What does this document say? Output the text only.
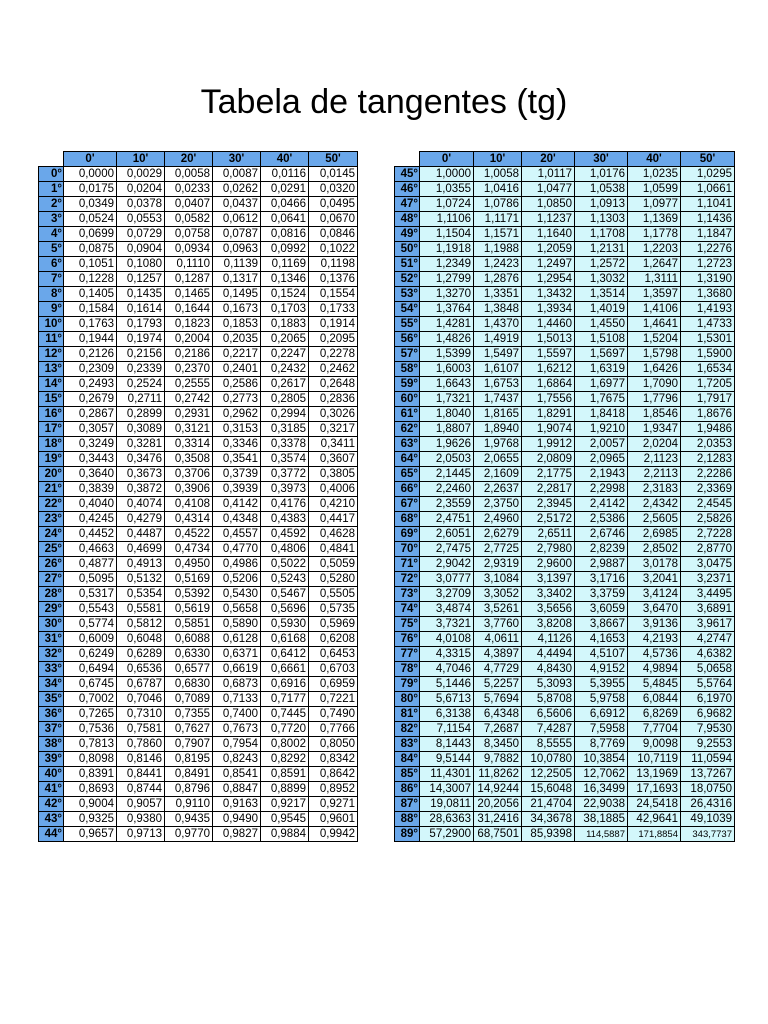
Tabela de tangentes (tg)
	0'	10'	20'	30'	40'	50'
0°	0,0000	0,0029	0,0058	0,0087	0,0116	0,0145
1°	0,0175	0,0204	0,0233	0,0262	0,0291	0,0320
2°	0,0349	0,0378	0,0407	0,0437	0,0466	0,0495
3°	0,0524	0,0553	0,0582	0,0612	0,0641	0,0670
4°	0,0699	0,0729	0,0758	0,0787	0,0816	0,0846
5°	0,0875	0,0904	0,0934	0,0963	0,0992	0,1022
6°	0,1051	0,1080	0,1110	0,1139	0,1169	0,1198
7°	0,1228	0,1257	0,1287	0,1317	0,1346	0,1376
8°	0,1405	0,1435	0,1465	0,1495	0,1524	0,1554
9°	0,1584	0,1614	0,1644	0,1673	0,1703	0,1733
10°	0,1763	0,1793	0,1823	0,1853	0,1883	0,1914
11°	0,1944	0,1974	0,2004	0,2035	0,2065	0,2095
12°	0,2126	0,2156	0,2186	0,2217	0,2247	0,2278
13°	0,2309	0,2339	0,2370	0,2401	0,2432	0,2462
14°	0,2493	0,2524	0,2555	0,2586	0,2617	0,2648
15°	0,2679	0,2711	0,2742	0,2773	0,2805	0,2836
16°	0,2867	0,2899	0,2931	0,2962	0,2994	0,3026
17°	0,3057	0,3089	0,3121	0,3153	0,3185	0,3217
18°	0,3249	0,3281	0,3314	0,3346	0,3378	0,3411
19°	0,3443	0,3476	0,3508	0,3541	0,3574	0,3607
20°	0,3640	0,3673	0,3706	0,3739	0,3772	0,3805
21°	0,3839	0,3872	0,3906	0,3939	0,3973	0,4006
22°	0,4040	0,4074	0,4108	0,4142	0,4176	0,4210
23°	0,4245	0,4279	0,4314	0,4348	0,4383	0,4417
24°	0,4452	0,4487	0,4522	0,4557	0,4592	0,4628
25°	0,4663	0,4699	0,4734	0,4770	0,4806	0,4841
26°	0,4877	0,4913	0,4950	0,4986	0,5022	0,5059
27°	0,5095	0,5132	0,5169	0,5206	0,5243	0,5280
28°	0,5317	0,5354	0,5392	0,5430	0,5467	0,5505
29°	0,5543	0,5581	0,5619	0,5658	0,5696	0,5735
30°	0,5774	0,5812	0,5851	0,5890	0,5930	0,5969
31°	0,6009	0,6048	0,6088	0,6128	0,6168	0,6208
32°	0,6249	0,6289	0,6330	0,6371	0,6412	0,6453
33°	0,6494	0,6536	0,6577	0,6619	0,6661	0,6703
34°	0,6745	0,6787	0,6830	0,6873	0,6916	0,6959
35°	0,7002	0,7046	0,7089	0,7133	0,7177	0,7221
36°	0,7265	0,7310	0,7355	0,7400	0,7445	0,7490
37°	0,7536	0,7581	0,7627	0,7673	0,7720	0,7766
38°	0,7813	0,7860	0,7907	0,7954	0,8002	0,8050
39°	0,8098	0,8146	0,8195	0,8243	0,8292	0,8342
40°	0,8391	0,8441	0,8491	0,8541	0,8591	0,8642
41°	0,8693	0,8744	0,8796	0,8847	0,8899	0,8952
42°	0,9004	0,9057	0,9110	0,9163	0,9217	0,9271
43°	0,9325	0,9380	0,9435	0,9490	0,9545	0,9601
44°	0,9657	0,9713	0,9770	0,9827	0,9884	0,9942
	0'	10'	20'	30'	40'	50'
45°	1,0000	1,0058	1,0117	1,0176	1,0235	1,0295
46°	1,0355	1,0416	1,0477	1,0538	1,0599	1,0661
47°	1,0724	1,0786	1,0850	1,0913	1,0977	1,1041
48°	1,1106	1,1171	1,1237	1,1303	1,1369	1,1436
49°	1,1504	1,1571	1,1640	1,1708	1,1778	1,1847
50°	1,1918	1,1988	1,2059	1,2131	1,2203	1,2276
51°	1,2349	1,2423	1,2497	1,2572	1,2647	1,2723
52°	1,2799	1,2876	1,2954	1,3032	1,3111	1,3190
53°	1,3270	1,3351	1,3432	1,3514	1,3597	1,3680
54°	1,3764	1,3848	1,3934	1,4019	1,4106	1,4193
55°	1,4281	1,4370	1,4460	1,4550	1,4641	1,4733
56°	1,4826	1,4919	1,5013	1,5108	1,5204	1,5301
57°	1,5399	1,5497	1,5597	1,5697	1,5798	1,5900
58°	1,6003	1,6107	1,6212	1,6319	1,6426	1,6534
59°	1,6643	1,6753	1,6864	1,6977	1,7090	1,7205
60°	1,7321	1,7437	1,7556	1,7675	1,7796	1,7917
61°	1,8040	1,8165	1,8291	1,8418	1,8546	1,8676
62°	1,8807	1,8940	1,9074	1,9210	1,9347	1,9486
63°	1,9626	1,9768	1,9912	2,0057	2,0204	2,0353
64°	2,0503	2,0655	2,0809	2,0965	2,1123	2,1283
65°	2,1445	2,1609	2,1775	2,1943	2,2113	2,2286
66°	2,2460	2,2637	2,2817	2,2998	2,3183	2,3369
67°	2,3559	2,3750	2,3945	2,4142	2,4342	2,4545
68°	2,4751	2,4960	2,5172	2,5386	2,5605	2,5826
69°	2,6051	2,6279	2,6511	2,6746	2,6985	2,7228
70°	2,7475	2,7725	2,7980	2,8239	2,8502	2,8770
71°	2,9042	2,9319	2,9600	2,9887	3,0178	3,0475
72°	3,0777	3,1084	3,1397	3,1716	3,2041	3,2371
73°	3,2709	3,3052	3,3402	3,3759	3,4124	3,4495
74°	3,4874	3,5261	3,5656	3,6059	3,6470	3,6891
75°	3,7321	3,7760	3,8208	3,8667	3,9136	3,9617
76°	4,0108	4,0611	4,1126	4,1653	4,2193	4,2747
77°	4,3315	4,3897	4,4494	4,5107	4,5736	4,6382
78°	4,7046	4,7729	4,8430	4,9152	4,9894	5,0658
79°	5,1446	5,2257	5,3093	5,3955	5,4845	5,5764
80°	5,6713	5,7694	5,8708	5,9758	6,0844	6,1970
81°	6,3138	6,4348	6,5606	6,6912	6,8269	6,9682
82°	7,1154	7,2687	7,4287	7,5958	7,7704	7,9530
83°	8,1443	8,3450	8,5555	8,7769	9,0098	9,2553
84°	9,5144	9,7882	10,0780	10,3854	10,7119	11,0594
85°	11,4301	11,8262	12,2505	12,7062	13,1969	13,7267
86°	14,3007	14,9244	15,6048	16,3499	17,1693	18,0750
87°	19,0811	20,2056	21,4704	22,9038	24,5418	26,4316
88°	28,6363	31,2416	34,3678	38,1885	42,9641	49,1039
89°	57,2900	68,7501	85,9398	114,5887	171,8854	343,7737
